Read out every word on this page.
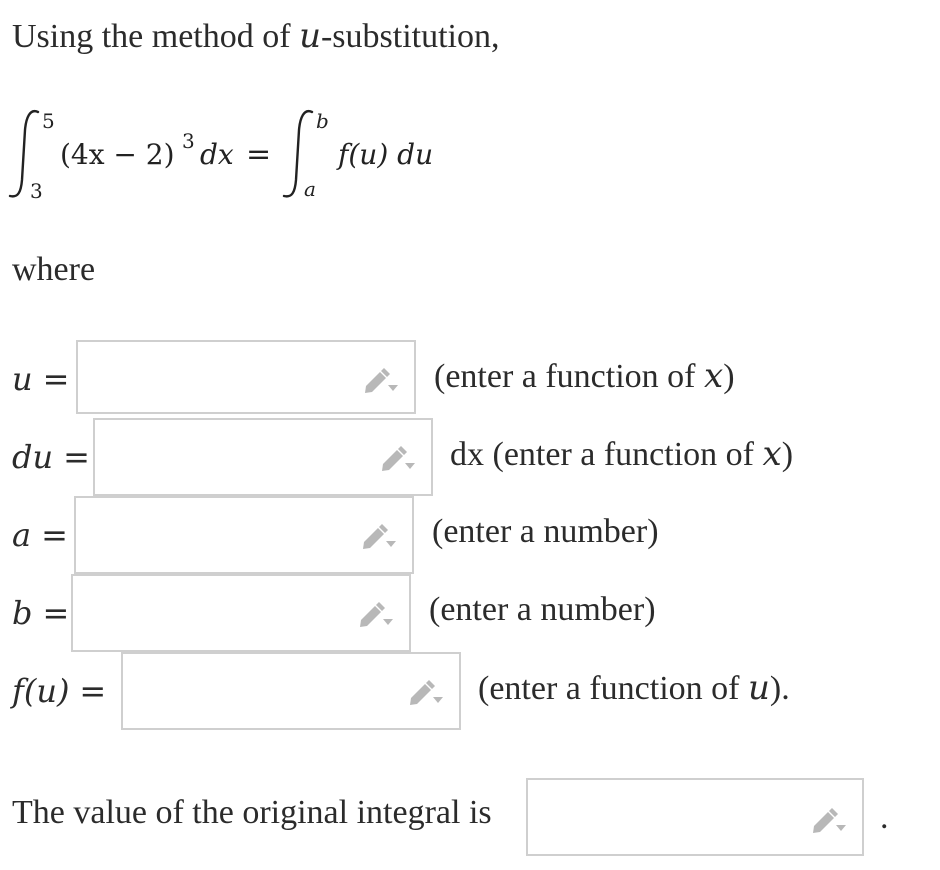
Using the method of u-substitution,
5
3
(4x − 2) 3 dx =
b
a
f(u) du
where
u =	(enter a function of x)
du =	dx (enter a function of x)
a =	(enter a number)
b =	(enter a number)
f(u) =	(enter a function of u).
The value of the original integral is	.
